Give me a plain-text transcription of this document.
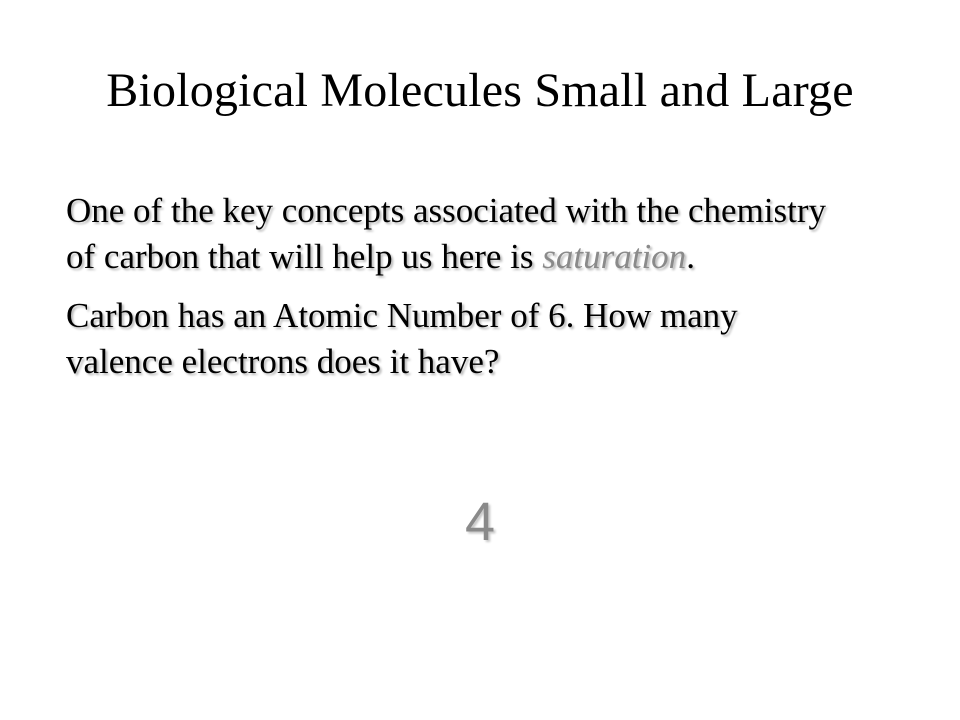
Biological Molecules Small and Large

One of the key concepts associated with the chemistry of carbon that will help us here is saturation.

Carbon has an Atomic Number of 6. How many valence electrons does it have?

4
